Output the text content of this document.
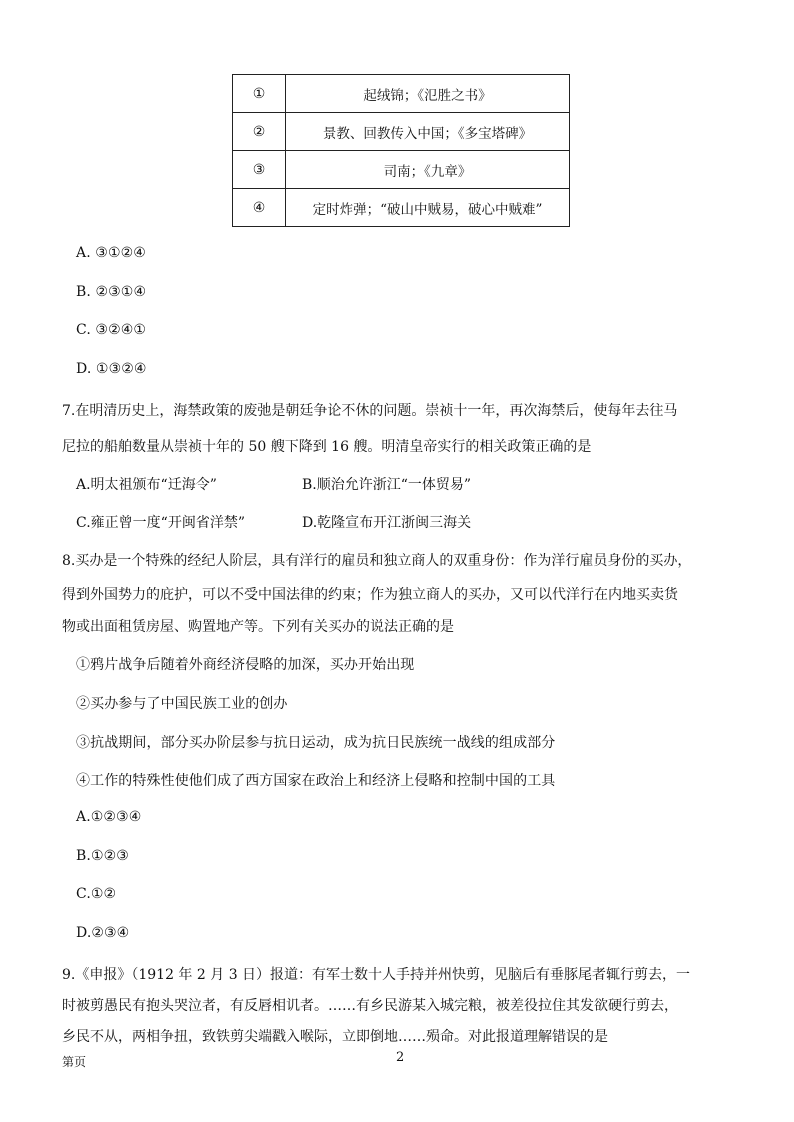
①	起绒锦；《氾胜之书》
②	景教、回教传入中国；《多宝塔碑》
③	司南；《九章》
④	定时炸弹；“破山中贼易，破心中贼难”
A. ③①②④
B. ②③①④
C. ③②④①
D. ①③②④
7.在明清历史上，海禁政策的废弛是朝廷争论不休的问题。崇祯十一年，再次海禁后，使每年去往马
尼拉的船舶数量从崇祯十年的 50 艘下降到 16 艘。明清皇帝实行的相关政策正确的是
A.明太祖颁布“迁海令”	B.顺治允许浙江“一体贸易”
C.雍正曾一度“开闽省洋禁”	D.乾隆宣布开江浙闽三海关
8.买办是一个特殊的经纪人阶层，具有洋行的雇员和独立商人的双重身份：作为洋行雇员身份的买办，
得到外国势力的庇护，可以不受中国法律的约束；作为独立商人的买办，又可以代洋行在内地买卖货
物或出面租赁房屋、购置地产等。下列有关买办的说法正确的是
①鸦片战争后随着外商经济侵略的加深，买办开始出现
②买办参与了中国民族工业的创办
③抗战期间，部分买办阶层参与抗日运动，成为抗日民族统一战线的组成部分
④工作的特殊性使他们成了西方国家在政治上和经济上侵略和控制中国的工具
A.①②③④
B.①②③
C.①②
D.②③④
9.《申报》（1912 年 2 月 3 日）报道：有军士数十人手持并州快剪，见脑后有垂豚尾者辄行剪去，一
时被剪愚民有抱头哭泣者，有反唇相讥者。……有乡民游某入城完粮，被差役拉住其发欲硬行剪去，
乡民不从，两相争扭，致铁剪尖端戳入喉际，立即倒地……殒命。对此报道理解错误的是
第页	2
